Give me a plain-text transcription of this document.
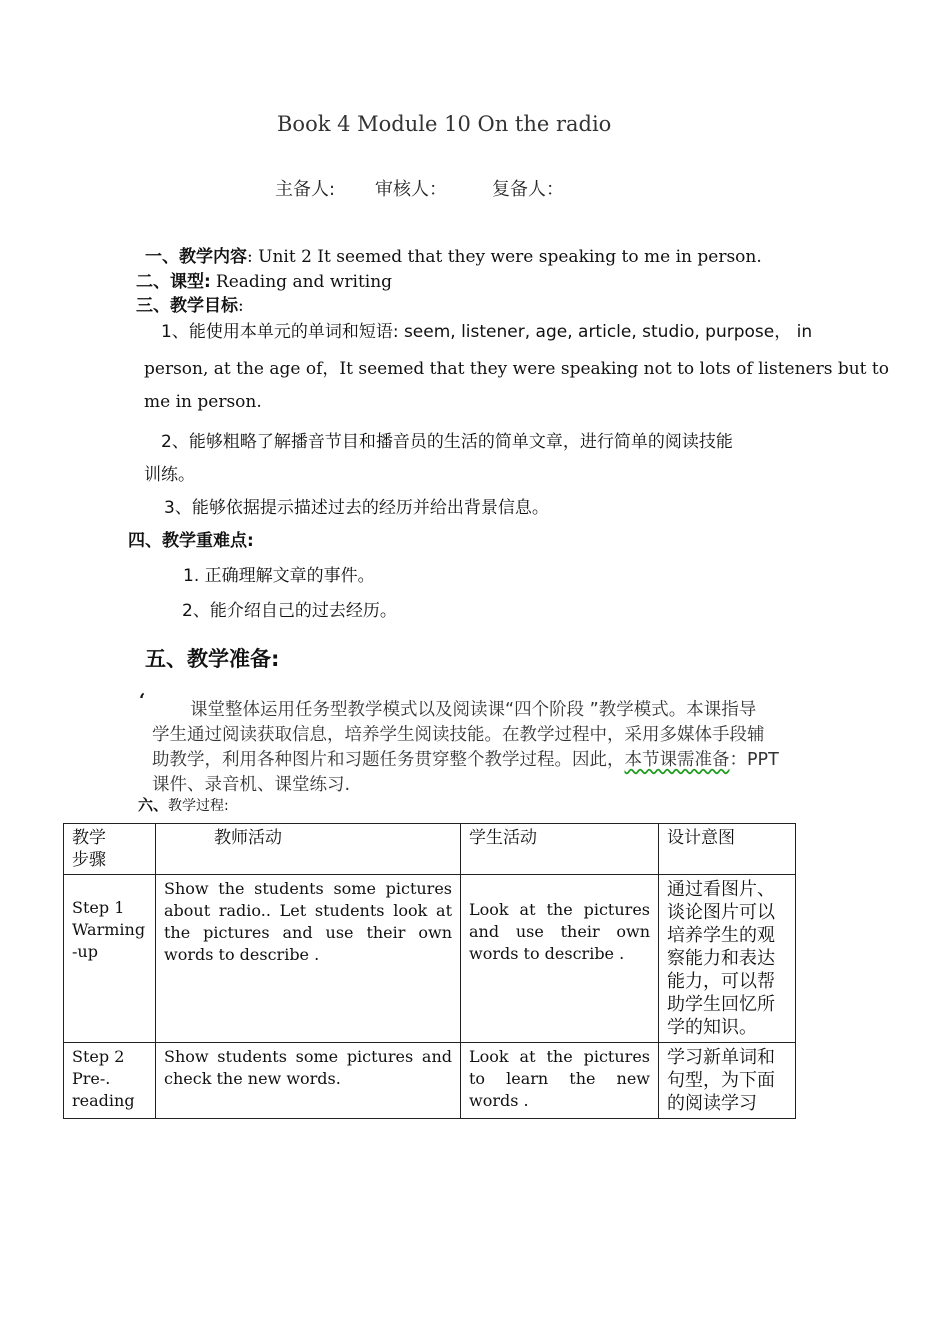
Book 4 Module 10 On the radio
主备人: 审核人：	复备人：
一、教学内容: Unit 2 It seemed that they were speaking to me in person.
二、课型: Reading and writing
三、教学目标:
1、能使用本单元的单词和短语: seem, listener, age, article, studio, purpose， in
person, at the age of，It seemed that they were speaking not to lots of listeners but to
me in person.
2、能够粗略了解播音节目和播音员的生活的简单文章，进行简单的阅读技能
训练。
3、能够依据提示描述过去的经历并给出背景信息。
四、教学重难点:
1. 正确理解文章的事件。
2、能介绍自己的过去经历。
五、教学准备:
‘	课堂整体运用任务型教学模式以及阅读课“四个阶段 ”教学模式。本课指导
学生通过阅读获取信息，培养学生阅读技能。在教学过程中，采用多媒体手段辅
助教学，利用各种图片和习题任务贯穿整个教学过程。因此，本节课需准备：PPT
课件、录音机、课堂练习.
六、教学过程:
教学
步骤	教师活动	学生活动	设计意图

Step 1
Warming
-up	Show the students some pictures about radio.. Let students look at the pictures and use their own words to describe .	Look at the pictures and use their own words to describe .	通过看图片、谈论图片可以培养学生的观察能力和表达能力，可以帮助学生回忆所学的知识。

Step 2
Pre-.
reading	Show students some pictures and check the new words.	Look at the pictures to learn the new words .	学习新单词和句型，为下面的阅读学习
